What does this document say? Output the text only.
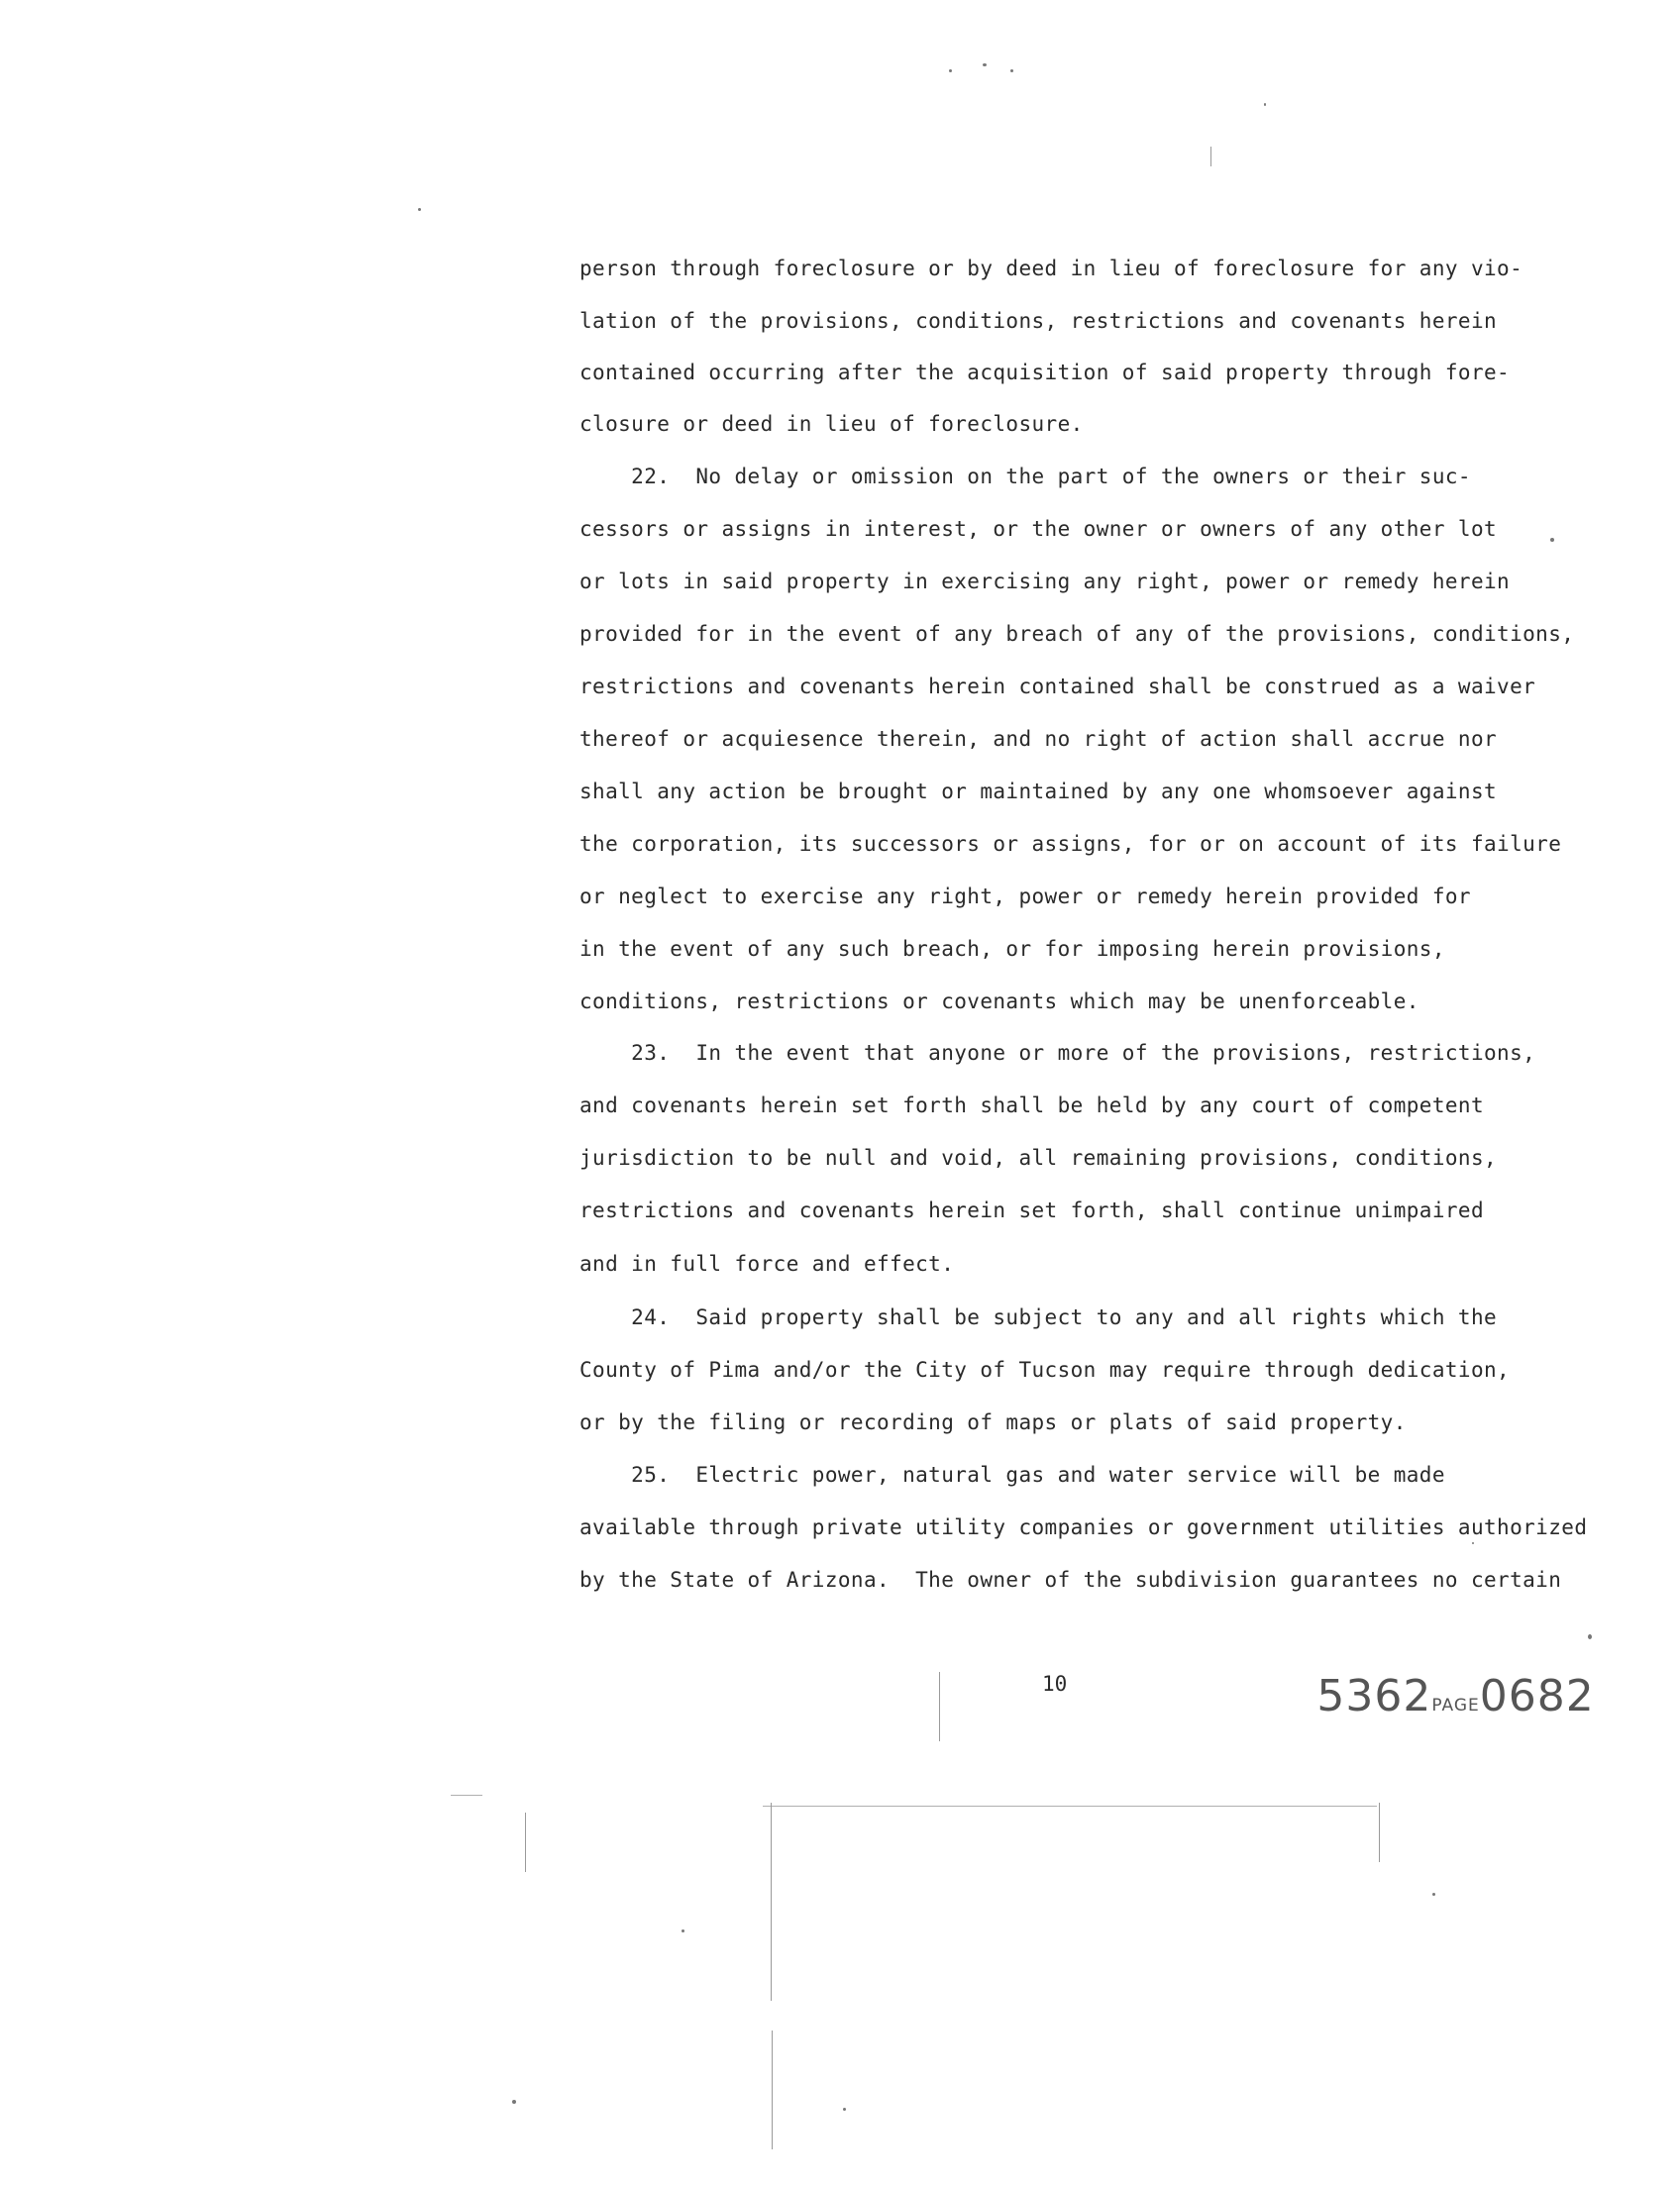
person through foreclosure or by deed in lieu of foreclosure for any vio-
lation of the provisions, conditions, restrictions and covenants herein
contained occurring after the acquisition of said property through fore-
closure or deed in lieu of foreclosure.
22.  No delay or omission on the part of the owners or their suc-
cessors or assigns in interest, or the owner or owners of any other lot
or lots in said property in exercising any right, power or remedy herein
provided for in the event of any breach of any of the provisions, conditions,
restrictions and covenants herein contained shall be construed as a waiver
thereof or acquiesence therein, and no right of action shall accrue nor
shall any action be brought or maintained by any one whomsoever against
the corporation, its successors or assigns, for or on account of its failure
or neglect to exercise any right, power or remedy herein provided for
in the event of any such breach, or for imposing herein provisions,
conditions, restrictions or covenants which may be unenforceable.
23.  In the event that anyone or more of the provisions, restrictions,
and covenants herein set forth shall be held by any court of competent
jurisdiction to be null and void, all remaining provisions, conditions,
restrictions and covenants herein set forth, shall continue unimpaired
and in full force and effect.
24.  Said property shall be subject to any and all rights which the
County of Pima and/or the City of Tucson may require through dedication,
or by the filing or recording of maps or plats of said property.
25.  Electric power, natural gas and water service will be made
available through private utility companies or government utilities authorized
by the State of Arizona.  The owner of the subdivision guarantees no certain
10	5362PAGE0682
